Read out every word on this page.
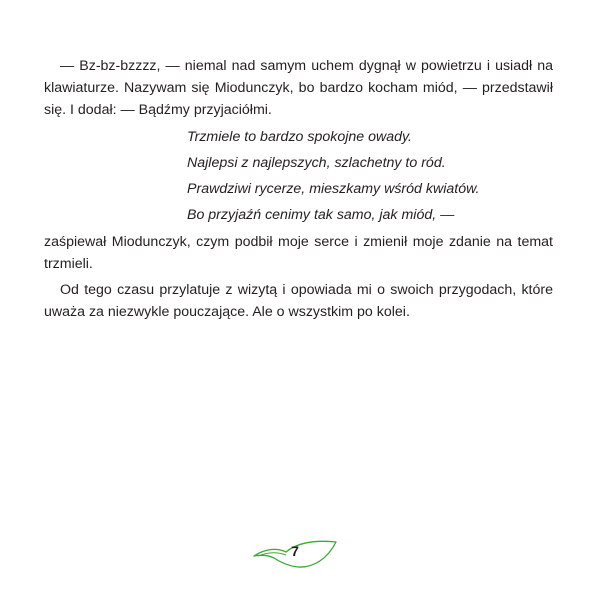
— Bz-bz-bzzzz, — niemal nad samym uchem dygnął w powietrzu i usiadł na klawiaturze. Nazywam się Miodunczyk, bo bardzo kocham miód, — przedstawił się. I dodał: — Bądźmy przyjaciółmi.

Trzmiele to bardzo spokojne owady.
Najlepsi z najlepszych, szlachetny to ród.
Prawdziwi rycerze, mieszkamy wśród kwiatów.
Bo przyjaźń cenimy tak samo, jak miód, —

zaśpiewał Miodunczyk, czym podbił moje serce i zmienił moje zdanie na temat trzmieli.

Od tego czasu przylatuje z wizytą i opowiada mi o swoich przygodach, które uważa za niezwykle pouczające. Ale o wszystkim po kolei.

7
